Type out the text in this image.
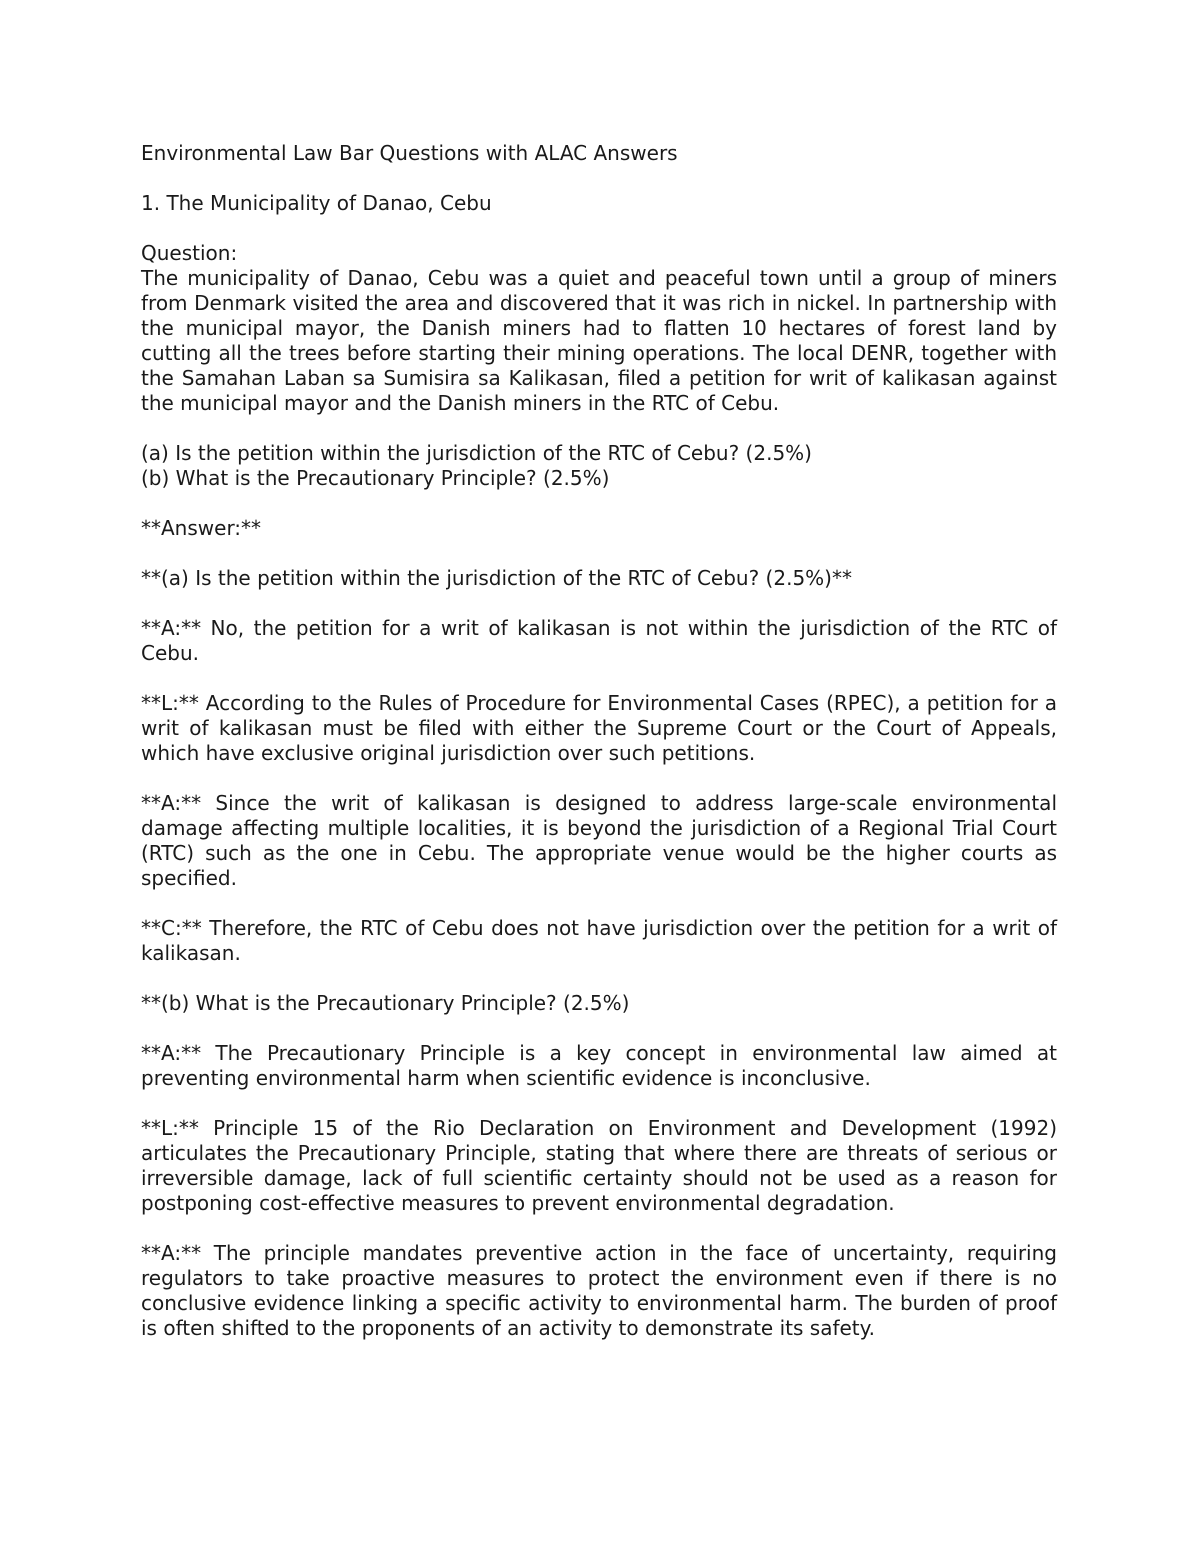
Environmental Law Bar Questions with ALAC Answers

1. The Municipality of Danao, Cebu

Question:

The municipality of Danao, Cebu was a quiet and peaceful town until a group of miners from Denmark visited the area and discovered that it was rich in nickel. In partnership with the municipal mayor, the Danish miners had to flatten 10 hectares of forest land by cutting all the trees before starting their mining operations. The local DENR, together with the Samahan Laban sa Sumisira sa Kalikasan, filed a petition for writ of kalikasan against the municipal mayor and the Danish miners in the RTC of Cebu.

(a) Is the petition within the jurisdiction of the RTC of Cebu? (2.5%)

(b) What is the Precautionary Principle? (2.5%)

**Answer:**

**(a) Is the petition within the jurisdiction of the RTC of Cebu? (2.5%)**

**A:** No, the petition for a writ of kalikasan is not within the jurisdiction of the RTC of Cebu.

**L:** According to the Rules of Procedure for Environmental Cases (RPEC), a petition for a writ of kalikasan must be filed with either the Supreme Court or the Court of Appeals, which have exclusive original jurisdiction over such petitions.

**A:** Since the writ of kalikasan is designed to address large-scale environmental damage affecting multiple localities, it is beyond the jurisdiction of a Regional Trial Court (RTC) such as the one in Cebu. The appropriate venue would be the higher courts as specified.

**C:** Therefore, the RTC of Cebu does not have jurisdiction over the petition for a writ of kalikasan.

**(b) What is the Precautionary Principle? (2.5%)

**A:** The Precautionary Principle is a key concept in environmental law aimed at preventing environmental harm when scientific evidence is inconclusive.

**L:** Principle 15 of the Rio Declaration on Environment and Development (1992) articulates the Precautionary Principle, stating that where there are threats of serious or irreversible damage, lack of full scientific certainty should not be used as a reason for postponing cost-effective measures to prevent environmental degradation.

**A:** The principle mandates preventive action in the face of uncertainty, requiring regulators to take proactive measures to protect the environment even if there is no conclusive evidence linking a specific activity to environmental harm. The burden of proof is often shifted to the proponents of an activity to demonstrate its safety.
